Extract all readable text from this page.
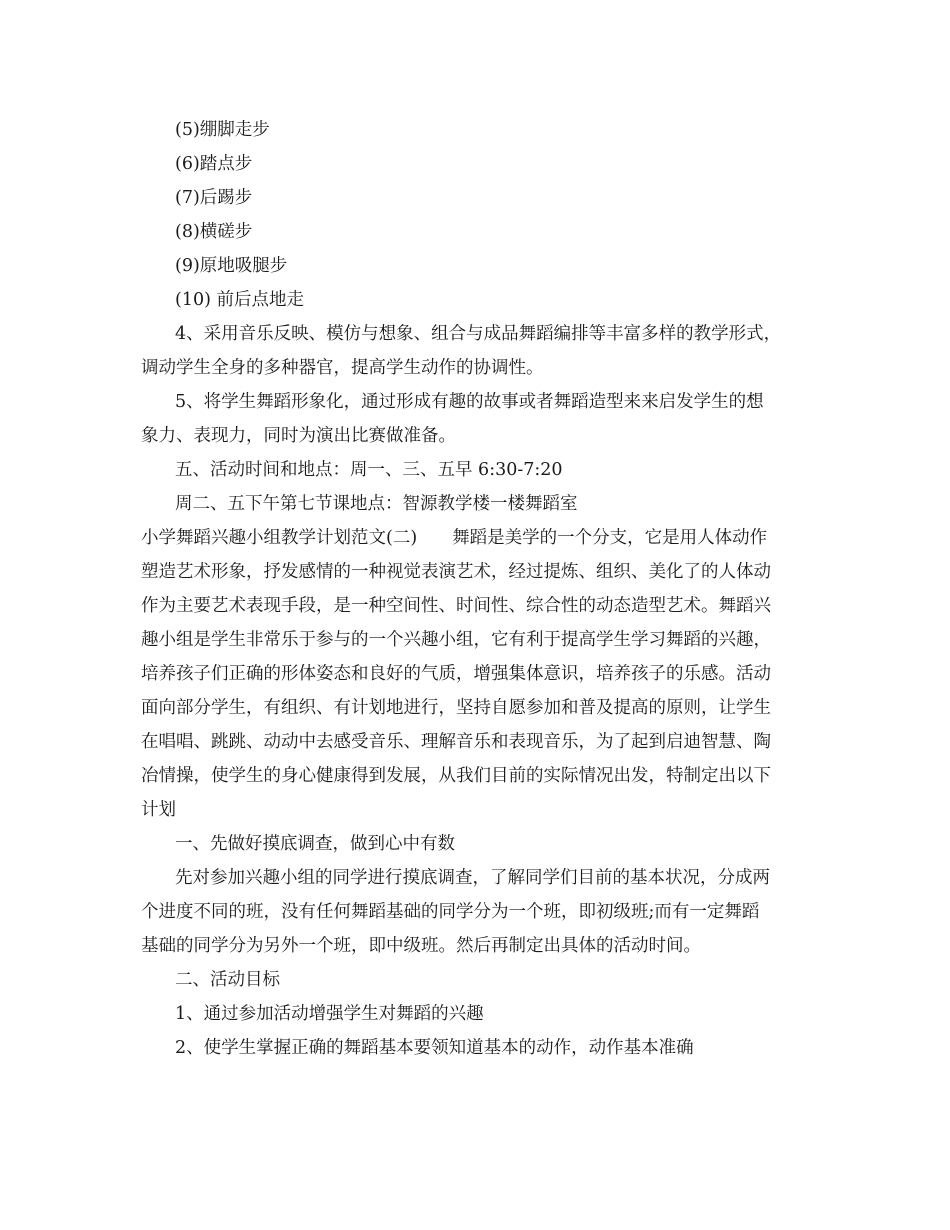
(5)绷脚走步
(6)踏点步
(7)后踢步
(8)横磋步
(9)原地吸腿步
(10) 前后点地走
4、采用音乐反映、模仿与想象、组合与成品舞蹈编排等丰富多样的教学形式，
调动学生全身的多种器官，提高学生动作的协调性。
5、将学生舞蹈形象化，通过形成有趣的故事或者舞蹈造型来来启发学生的想
象力、表现力，同时为演出比赛做准备。
五、活动时间和地点：周一、三、五早 6:30-7:20
周二、五下午第七节课地点：智源教学楼一楼舞蹈室
小学舞蹈兴趣小组教学计划范文(二)　　舞蹈是美学的一个分支，它是用人体动作
塑造艺术形象，抒发感情的一种视觉表演艺术，经过提炼、组织、美化了的人体动
作为主要艺术表现手段，是一种空间性、时间性、综合性的动态造型艺术。舞蹈兴
趣小组是学生非常乐于参与的一个兴趣小组，它有利于提高学生学习舞蹈的兴趣，
培养孩子们正确的形体姿态和良好的气质，增强集体意识，培养孩子的乐感。活动
面向部分学生，有组织、有计划地进行，坚持自愿参加和普及提高的原则，让学生
在唱唱、跳跳、动动中去感受音乐、理解音乐和表现音乐，为了起到启迪智慧、陶
冶情操，使学生的身心健康得到发展，从我们目前的实际情况出发，特制定出以下
计划
一、先做好摸底调查，做到心中有数
先对参加兴趣小组的同学进行摸底调查，了解同学们目前的基本状况，分成两
个进度不同的班，没有任何舞蹈基础的同学分为一个班，即初级班;而有一定舞蹈
基础的同学分为另外一个班，即中级班。然后再制定出具体的活动时间。
二、活动目标
1、通过参加活动增强学生对舞蹈的兴趣
2、使学生掌握正确的舞蹈基本要领知道基本的动作，动作基本准确
